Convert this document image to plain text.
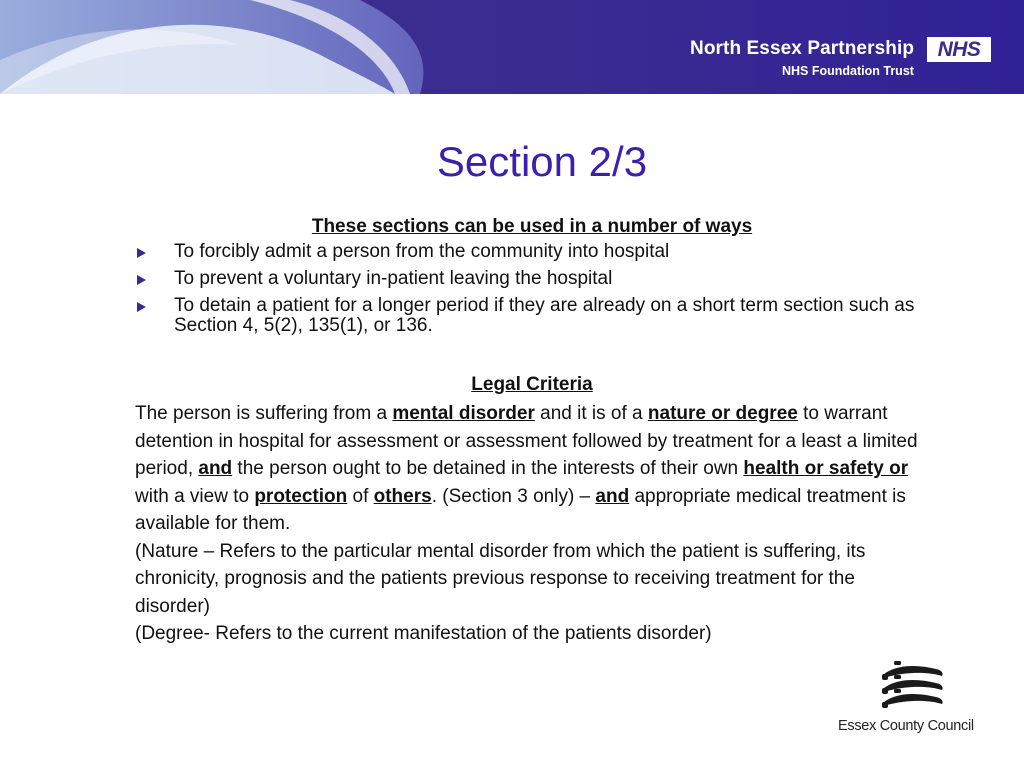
North Essex Partnership
NHS Foundation Trust
NHS
Section 2/3
These sections can be used in a number of ways
To forcibly admit a person from the community into hospital
To prevent a voluntary in-patient leaving the hospital
To detain a patient for a longer period if they are already on a short term section such as Section 4, 5(2), 135(1), or 136.
Legal Criteria
The person is suffering from a mental disorder and it is of a nature or degree to warrant detention in hospital for assessment or assessment followed by treatment for a least a limited period, and the person ought to be detained in the interests of their own health or safety or with a view to protection of others. (Section 3 only) – and appropriate medical treatment is available for them.
(Nature – Refers to the particular mental disorder from which the patient is suffering, its chronicity, prognosis and the patients previous response to receiving treatment for the disorder)
(Degree- Refers to the current manifestation of the patients disorder)
Essex County Council
